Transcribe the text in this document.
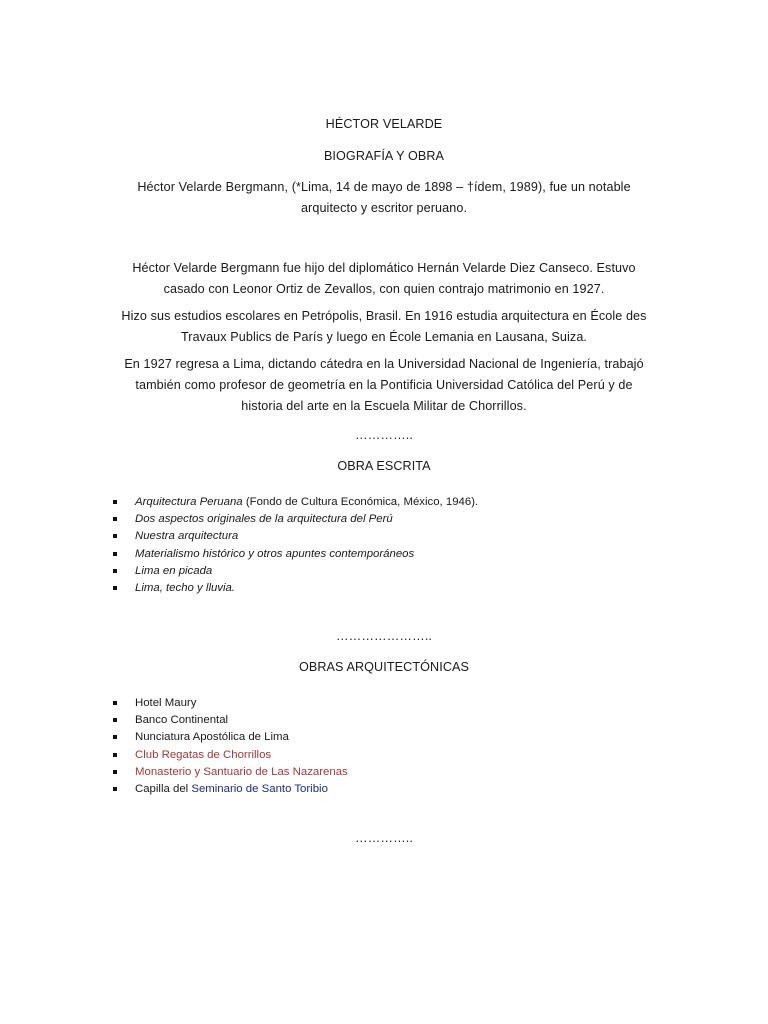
HÉCTOR VELARDE

BIOGRAFÍA Y OBRA

Héctor Velarde Bergmann, (*Lima, 14 de mayo de 1898 – †ídem, 1989), fue un notable

arquitecto y escritor peruano.

Héctor Velarde Bergmann fue hijo del diplomático Hernán Velarde Diez Canseco. Estuvo

casado con Leonor Ortiz de Zevallos, con quien contrajo matrimonio en 1927.

Hizo sus estudios escolares en Petrópolis, Brasil. En 1916 estudia arquitectura en École des

Travaux Publics de París y luego en École Lemania en Lausana, Suiza.

En 1927 regresa a Lima, dictando cátedra en la Universidad Nacional de Ingeniería, trabajó

también como profesor de geometría en la Pontificia Universidad Católica del Perú y de

historia del arte en la Escuela Militar de Chorrillos.

…………..

OBRA ESCRITA

Arquitectura Peruana (Fondo de Cultura Económica, México, 1946).
Dos aspectos originales de la arquitectura del Perú
Nuestra arquitectura
Materialismo histórico y otros apuntes contemporáneos
Lima en picada
Lima, techo y lluvia.

…………………..

OBRAS ARQUITECTÓNICAS

Hotel Maury
Banco Continental
Nunciatura Apostólica de Lima
Club Regatas de Chorrillos
Monasterio y Santuario de Las Nazarenas
Capilla del Seminario de Santo Toribio

…………..
